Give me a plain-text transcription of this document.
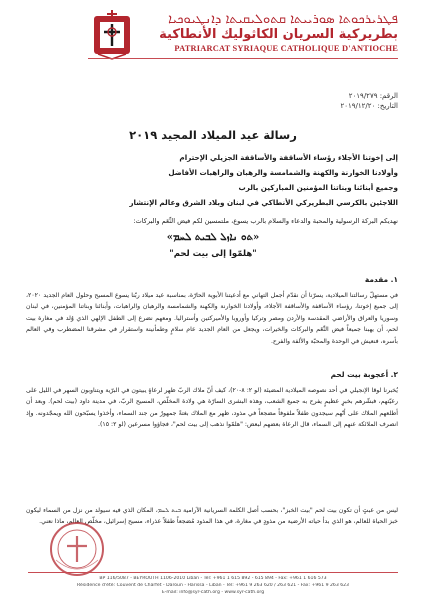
ܦܛܪܝܪܟܘܬܐ ܣܘܪܝܝܬܐ ܩܬܘܠܝܩܝܬܐ ܕܐܢܛܝܘܟܝܐ
بطريركية السريان الكاثوليك الأنطاكية
PATRIARCAT SYRIAQUE CATHOLIQUE D'ANTIOCHE
الرقم: ٢٠١٩/٢٧٩
التاريخ: ٢٠١٩/١٢/٢٠
رسالة عيد الميلاد المجيد ٢٠١٩
إلى إخوتنا الأجلاء رؤساء الأساقفة والأساقفة الجزيلي الإحترام
وأولادنا الخوارنة والكهنة والشمامسة والرهبان والراهبات الأفاضل
وجميع أبنائنا وبناتنا المؤمنين المباركين بالرب
اللاجئين بالكرسي البطريركي الأنطاكي في لبنان وبلاد الشرق وعالم الإنتشار
نهديكم البركة الرسولية والمحبة والدعاء والسلام بالرب يسوع، ملتمسين لكم فيض النِّعَم والبركات:
«ܬܘ ܢܐܙܠ ܠܒܝܬ ܠܚܡ»
"هلمّوا إلى بيت لحم"
١. مقدمة
في مستهلّ رسالتنا الميلادية، يسرّنا أن نقدّم أجمل التهاني مع أدعيتنا الأبوية الحارّة، بمناسبة عيد ميلاد ربّنا يسوع المسيح وحلول العام الجديد ٢٠٢٠، إلى جميع إخوتنا، رؤساء الأساقفة والأساقفة الأجلاء، وأولادنا الخوارنة والكهنة والشمامسة والرهبان والراهبات، وأبنائنا وبناتنا المؤمنين، في لبنان وسوريا والعراق والأراضي المقدسة والأردن ومصر وتركيا وأوروبا والأميركتين وأستراليا. ومعهم نضرع إلى الطفل الإلهي الذي وُلد في مغارة بيت لحم، أن يهبنا جميعاً فيض النِّعَم والبركات والخيرات، ويجعل من العام الجديد عام سلامٍ وطمأنينة واستقرار في مشرقنا المضطرب وفي العالم بأسره، فنعيش في الوحدة والمحبّة والألفة والفرح.
٢. أعجوبة بيت لحم
يُخبرنا لوقا الإنجيلي في أحد نصوصه الميلادية المضيئة (لو ٢: ٨-٢٠)، كيف أنّ ملاك الربّ ظهر لرعاةٍ يبيتون في البرّية ويتناوبون السهر في الليل على رعيّتهم، فبشّرهم بخبرٍ عظيمٍ يفرح به جميع الشعب، وهذه البشرى السارّة هي ولادة المخلّص، المسيح الربّ، في مدينة داود (بيت لحم). وبعد أن أطلعهم الملاك على أنّهم سيجدون طفلاً ملفوفاً مضجعاً في مذود، ظهر مع الملاك بغتةً جمهورٌ من جند السماء، وأخذوا يسبّحون الله ويمجّدونه. وإذ انصرف الملائكة عنهم إلى السماء، قال الرعاة بعضهم لبعض: "هلمّوا نذهب إلى بيت لحم"، فجاؤوا مسرعين (لو ٢: ١٥).
ليس من عبثٍ أن تكون بيت لحم "بيت الخبز"، بحسب أصل الكلمة السريانية الآرامية ܒܝܬ ܠܚܡ، المكان الذي فيه سيولد من نزل من السماء ليكون خبز الحياة للعالم، هو الذي بدأ حياته الأرضية من مذودٍ في مغارة، في هذا المذود مُضجعاً طفلاً عذراء، مسيح إسرائيل، مخلّص العالم، ماذا نعني.
BP 116/5087 - BEYROUTH 1106-2010 Liban - Tél: +961 1 615 892 - 615 894 - Fax: +961 1 616 573
Résidence d'été: Couvent de Charfet - Daroun - Harissa - Liban - Tél: +961 9 263 620 / 263 621 - Fax: +961 9 263 623
E-mail: info@syr-cath.org - www.syr-cath.org
